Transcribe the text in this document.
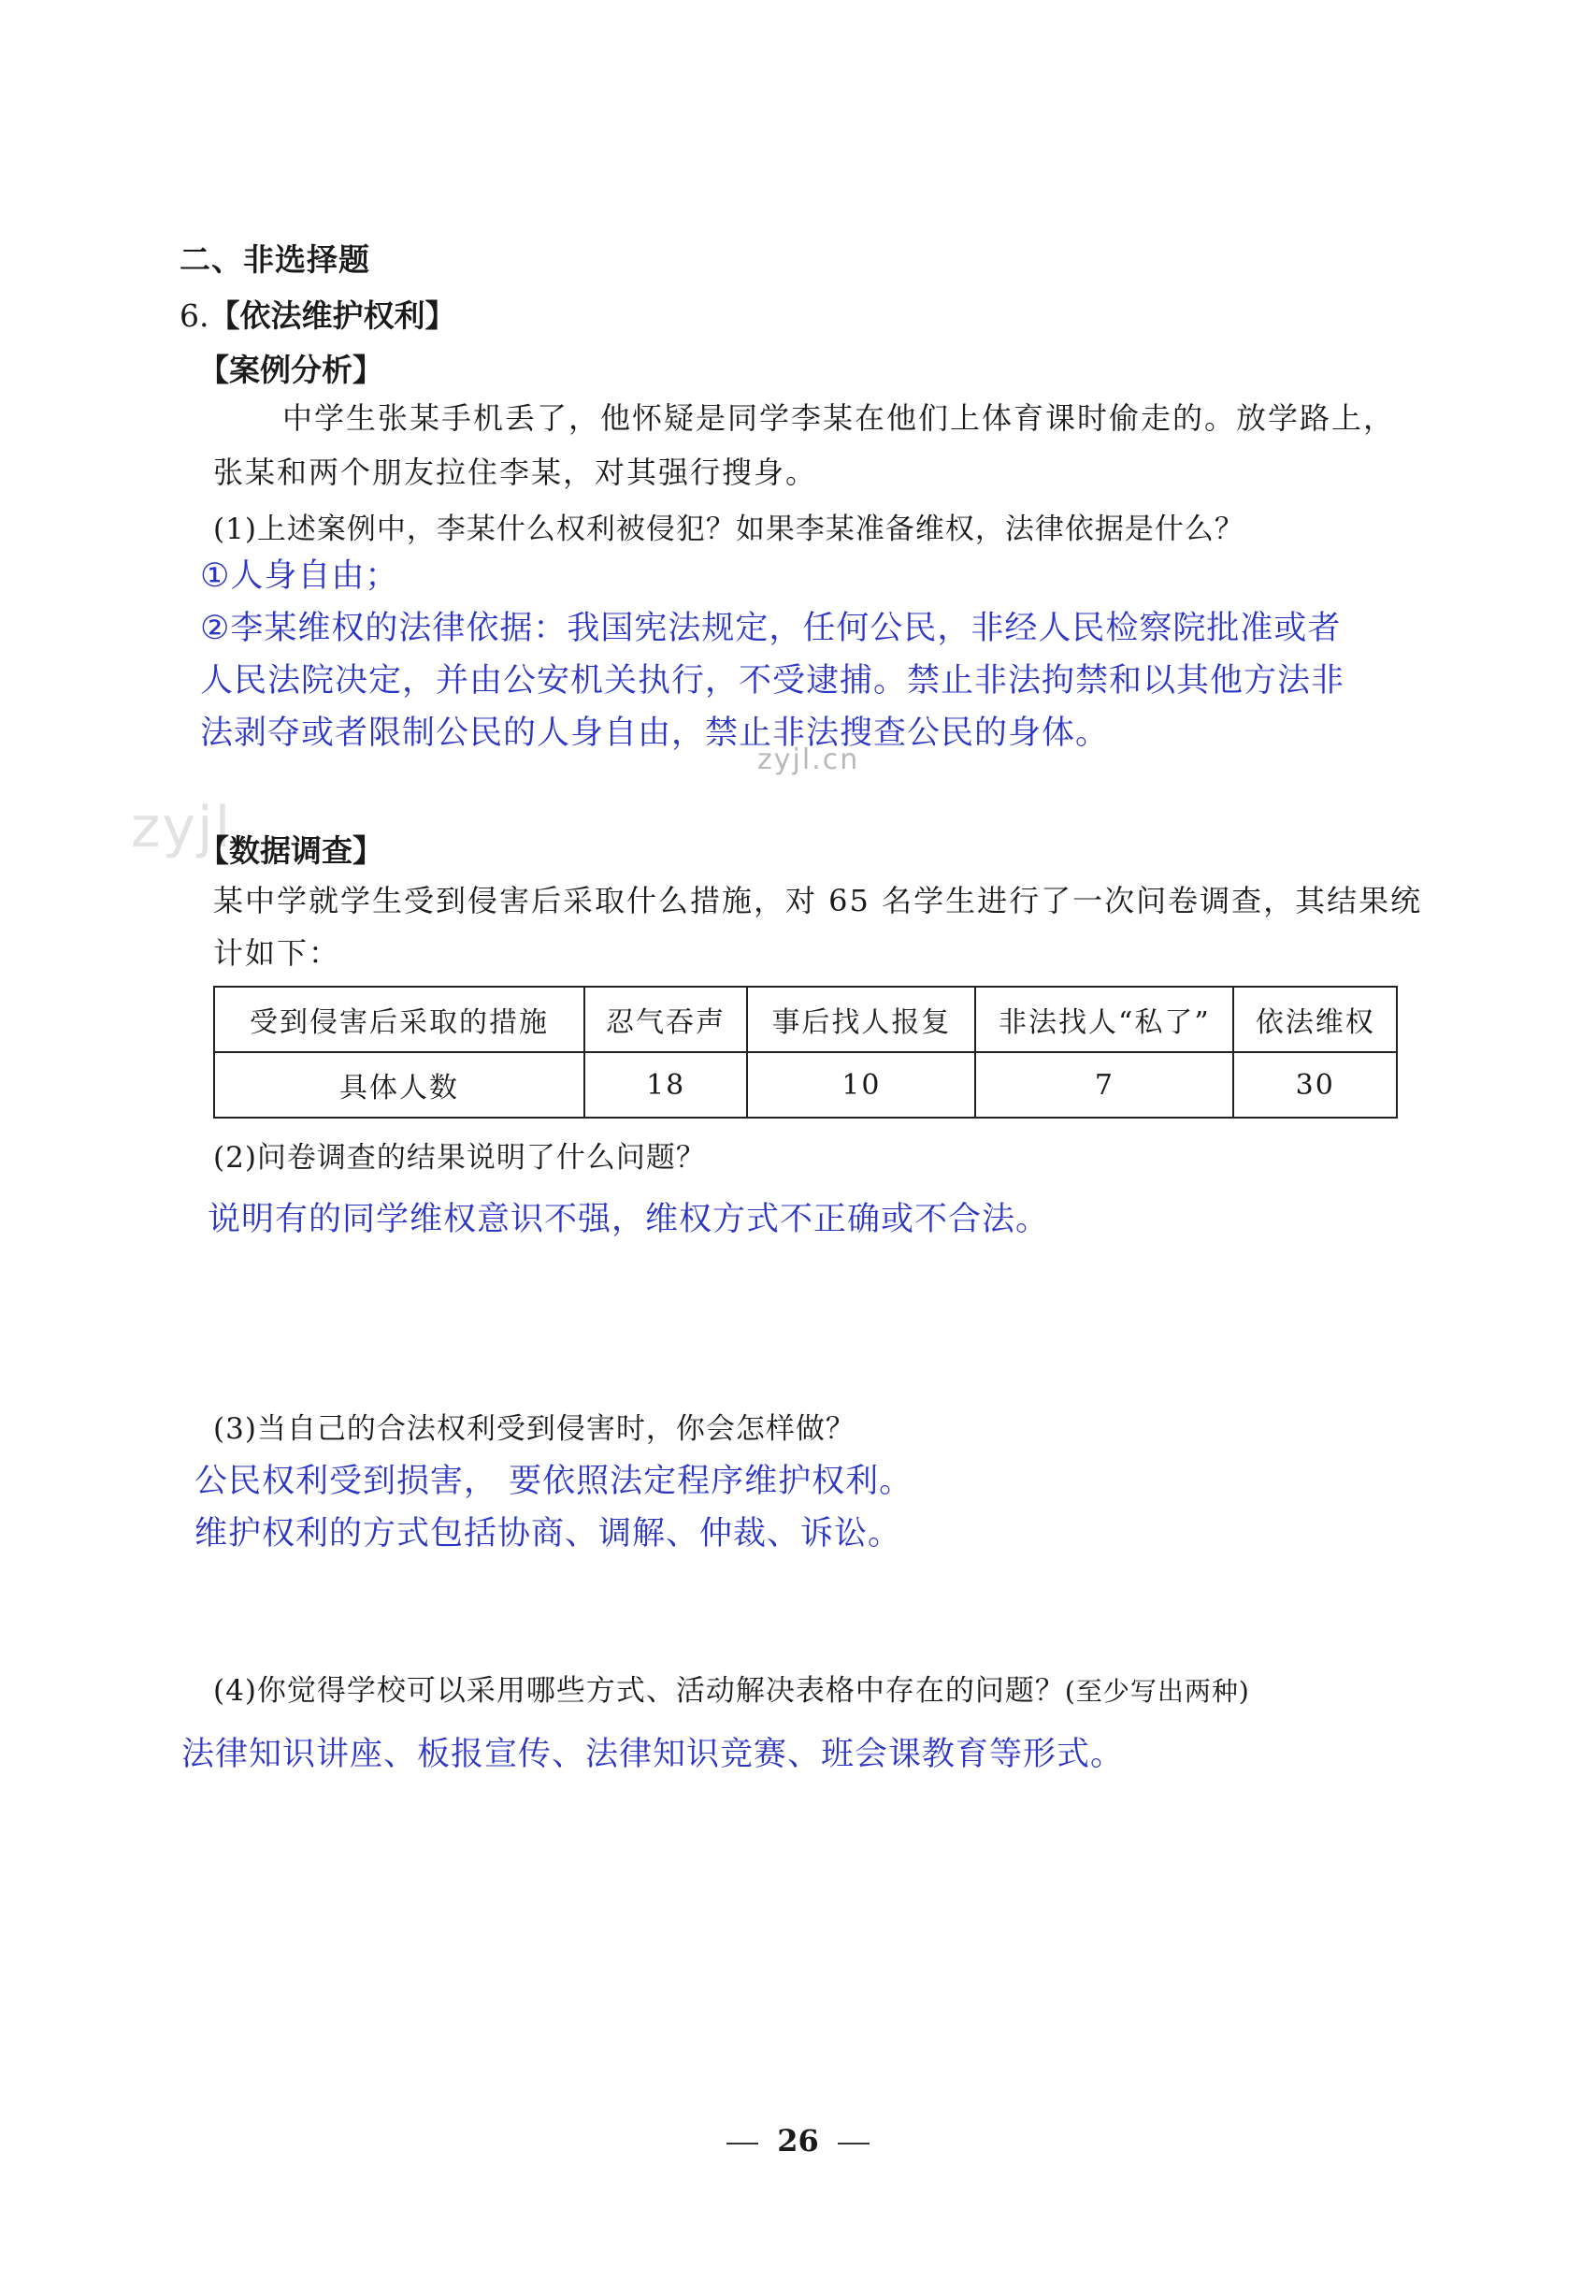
二、非选择题
6.【依法维护权利】
【案例分析】
中学生张某手机丢了，他怀疑是同学李某在他们上体育课时偷走的。放学路上，
张某和两个朋友拉住李某，对其强行搜身。
(1)上述案例中，李某什么权利被侵犯？如果李某准备维权，法律依据是什么？
①人身自由；
②李某维权的法律依据：我国宪法规定，任何公民，非经人民检察院批准或者
人民法院决定，并由公安机关执行，不受逮捕。禁止非法拘禁和以其他方法非
法剥夺或者限制公民的人身自由，禁止非法搜查公民的身体。
zyjl.cn
zyjl
【数据调查】
某中学就学生受到侵害后采取什么措施，对 65 名学生进行了一次问卷调查，其结果统
计如下：
受到侵害后采取的措施	忍气吞声	事后找人报复	非法找人“私了”	依法维权
具体人数	18	10	7	30
(2)问卷调查的结果说明了什么问题？
说明有的同学维权意识不强，维权方式不正确或不合法。
(3)当自己的合法权利受到侵害时，你会怎样做？
公民权利受到损害， 要依照法定程序维护权利。
维护权利的方式包括协商、调解、仲裁、诉讼。
(4)你觉得学校可以采用哪些方式、活动解决表格中存在的问题？(至少写出两种)
法律知识讲座、板报宣传、法律知识竞赛、班会课教育等形式。
26
